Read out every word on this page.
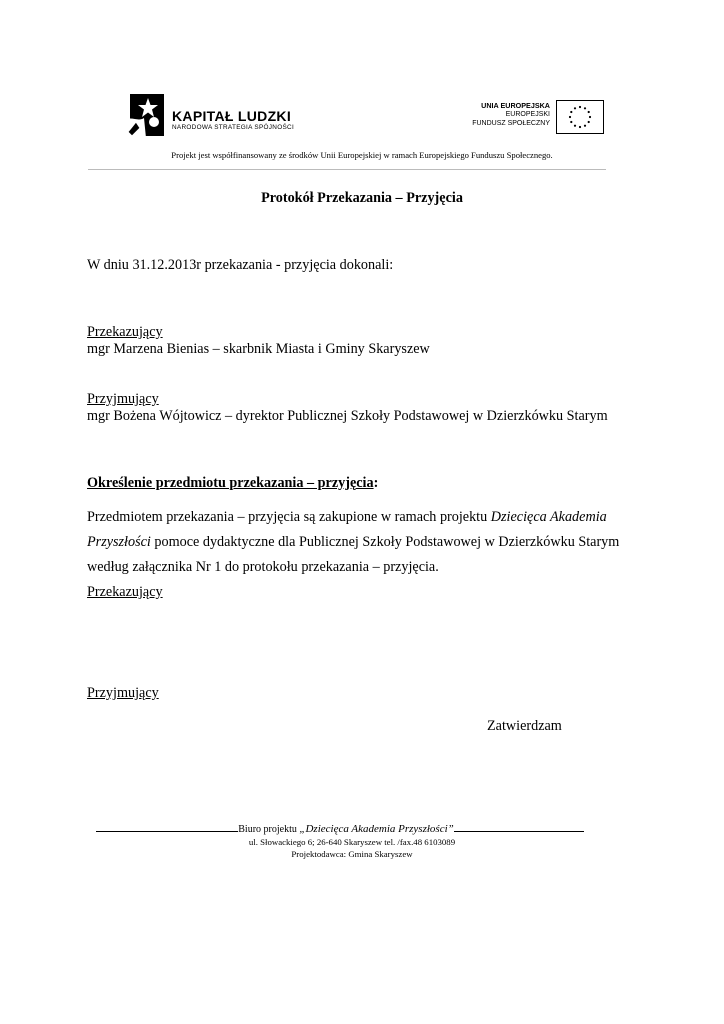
KAPITAŁ LUDZKI
NARODOWA STRATEGIA SPÓJNOŚCI
UNIA EUROPEJSKA
EUROPEJSKI
FUNDUSZ SPOŁECZNY
Projekt jest współfinansowany ze środków Unii Europejskiej w ramach Europejskiego Funduszu Społecznego.
Protokół Przekazania – Przyjęcia
W dniu 31.12.2013r przekazania - przyjęcia dokonali:
Przekazujący
mgr Marzena Bienias – skarbnik Miasta i Gminy Skaryszew
Przyjmujący
mgr Bożena Wójtowicz – dyrektor Publicznej Szkoły Podstawowej w Dzierzkówku Starym
Określenie przedmiotu przekazania – przyjęcia:
Przedmiotem przekazania – przyjęcia są zakupione w ramach projektu Dziecięca Akademia
Przyszłości pomoce dydaktyczne dla Publicznej Szkoły Podstawowej w Dzierzkówku Starym
według załącznika Nr 1 do protokołu przekazania – przyjęcia.
Przekazujący
Przyjmujący
Zatwierdzam
Biuro projektu „Dziecięca Akademia Przyszłości”
ul. Słowackiego 6; 26-640 Skaryszew tel. /fax.48 6103089
Projektodawca: Gmina Skaryszew
